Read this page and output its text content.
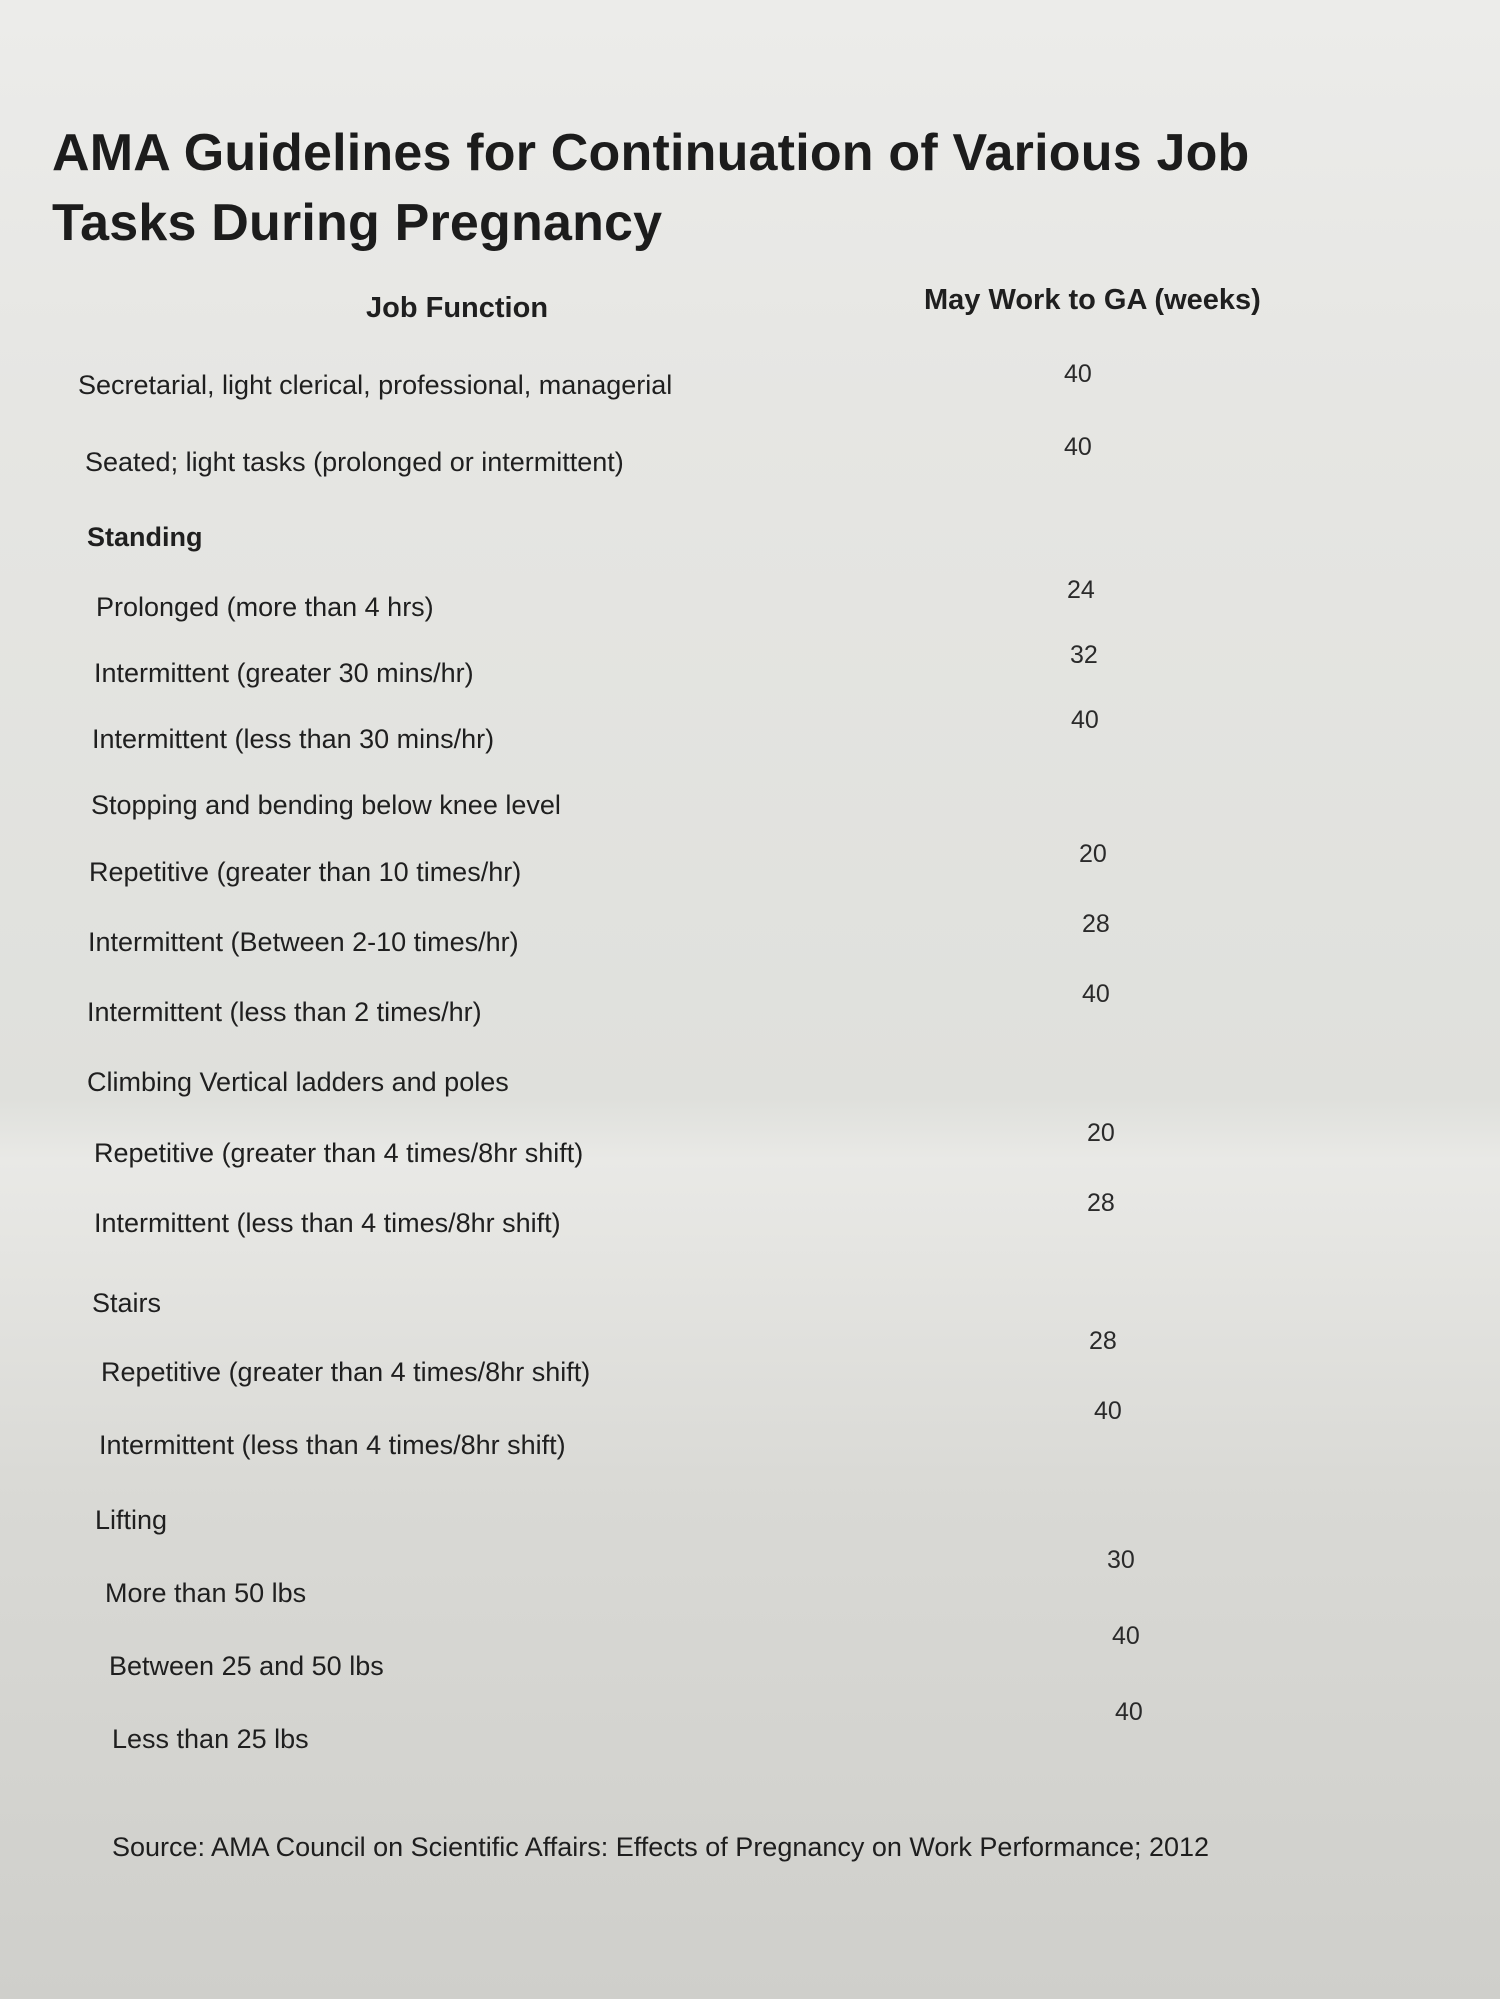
AMA Guidelines for Continuation of Various Job Tasks During Pregnancy
Job Function	May Work to GA (weeks)
Secretarial, light clerical, professional, managerial
Seated; light tasks (prolonged or intermittent)
Standing
Prolonged (more than 4 hrs)
Intermittent (greater 30 mins/hr)
Intermittent (less than 30 mins/hr)
Stopping and bending below knee level
Repetitive (greater than 10 times/hr)
Intermittent (Between 2-10 times/hr)
Intermittent (less than 2 times/hr)
Climbing Vertical ladders and poles
Repetitive (greater than 4 times/8hr shift)
Intermittent (less than 4 times/8hr shift)
Stairs
Repetitive (greater than 4 times/8hr shift)
Intermittent (less than 4 times/8hr shift)
Lifting
More than 50 lbs
Between 25 and 50 lbs
Less than 25 lbs
40
40
24
32
40
20
28
40
20
28
28
40
30
40
40
Source: AMA Council on Scientific Affairs: Effects of Pregnancy on Work Performance; 2012
